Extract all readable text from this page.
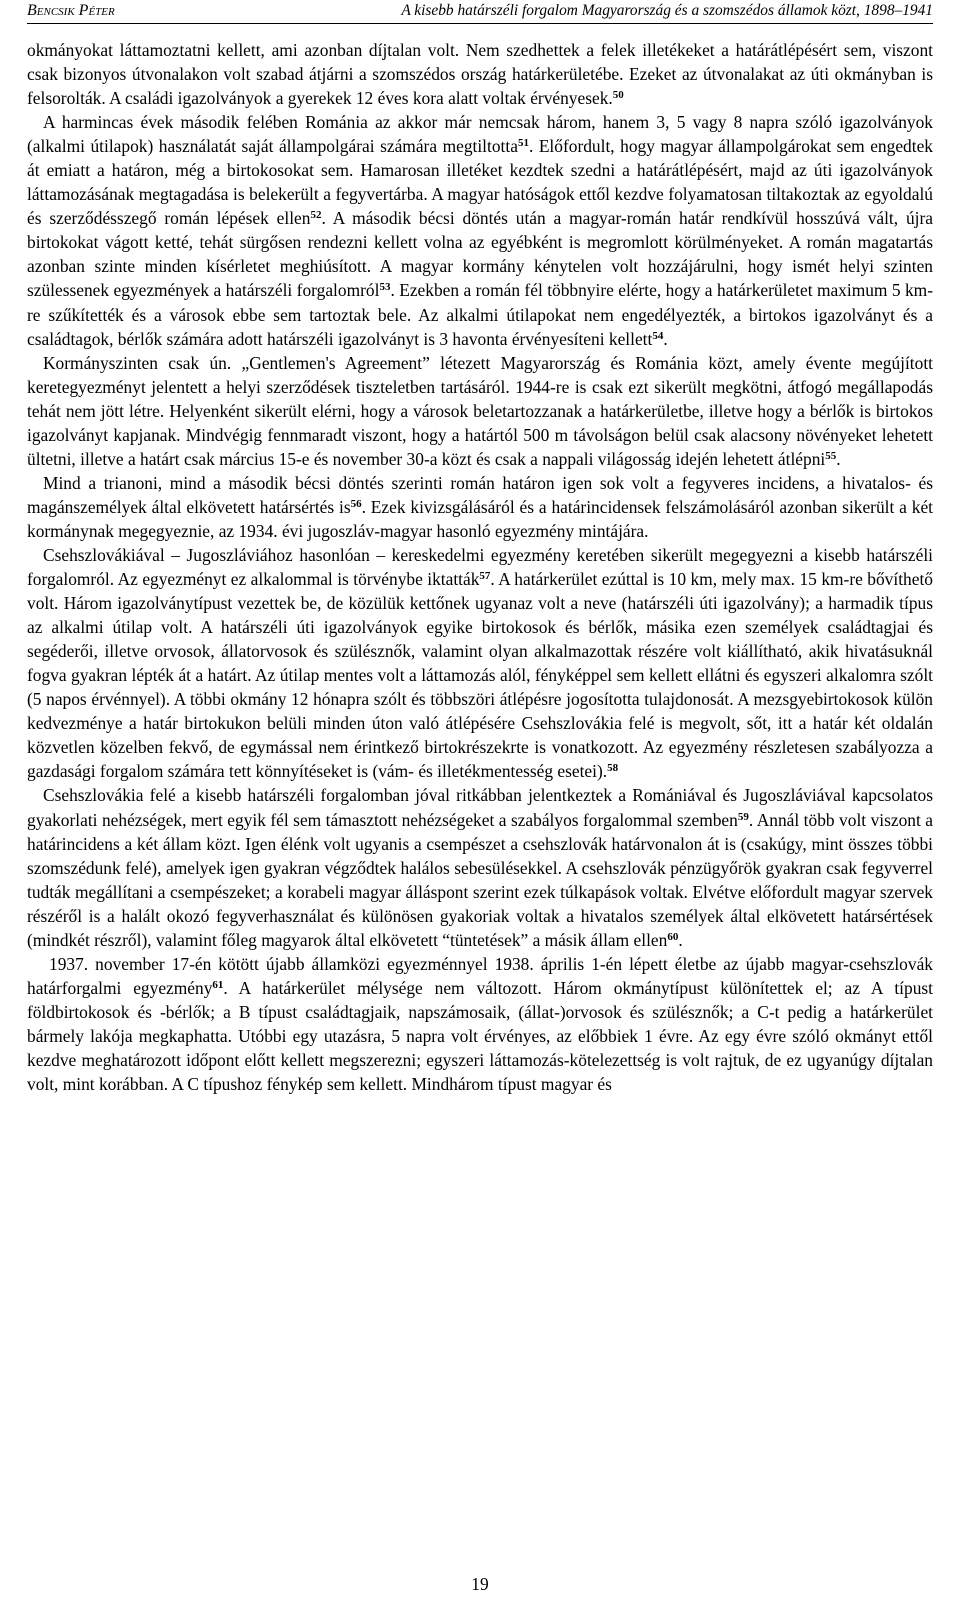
Bencsik Péter	A kisebb határszéli forgalom Magyarország és a szomszédos államok közt, 1898–1941

okmányokat láttamoztatni kellett, ami azonban díjtalan volt. Nem szedhettek a felek illetékeket a határátlépésért sem, viszont csak bizonyos útvonalakon volt szabad átjárni a szomszédos ország határkerületébe. Ezeket az útvonalakat az úti okmányban is felsorolták. A családi igazolványok a gyerekek 12 éves kora alatt voltak érvényesek.$^{50}$

A harmincas évek második felében Románia az akkor már nemcsak három, hanem 3, 5 vagy 8 napra szóló igazolványok (alkalmi útilapok) használatát saját állampolgárai számára megtiltotta$^{51}$. Előfordult, hogy magyar állampolgárokat sem engedtek át emiatt a határon, még a birtokosokat sem. Hamarosan illetéket kezdtek szedni a határátlépésért, majd az úti igazolványok láttamozásának megtagadása is belekerült a fegyvertárba. A magyar hatóságok ettől kezdve folyamatosan tiltakoztak az egyoldalú és szerződésszegő román lépések ellen$^{52}$. A második bécsi döntés után a magyar-román határ rendkívül hosszúvá vált, újra birtokokat vágott ketté, tehát sürgősen rendezni kellett volna az egyébként is megromlott körülményeket. A román magatartás azonban szinte minden kísérletet meghiúsított. A magyar kormány kénytelen volt hozzájárulni, hogy ismét helyi szinten szülessenek egyezmények a határszéli forgalomról$^{53}$. Ezekben a román fél többnyire elérte, hogy a határkerületet maximum 5 km-re szűkítették és a városok ebbe sem tartoztak bele. Az alkalmi útilapokat nem engedélyezték, a birtokos igazolványt és a családtagok, bérlők számára adott határszéli igazolványt is 3 havonta érvényesíteni kellett$^{54}$.

Kormányszinten csak ún. „Gentlemen's Agreement” létezett Magyarország és Románia közt, amely évente megújított keretegyezményt jelentett a helyi szerződések tiszteletben tartásáról. 1944-re is csak ezt sikerült megkötni, átfogó megállapodás tehát nem jött létre. Helyenként sikerült elérni, hogy a városok beletartozzanak a határkerületbe, illetve hogy a bérlők is birtokos igazolványt kapjanak. Mindvégig fennmaradt viszont, hogy a határtól 500 m távolságon belül csak alacsony növényeket lehetett ültetni, illetve a határt csak március 15-e és november 30-a közt és csak a nappali világosság idején lehetett átlépni$^{55}$.

Mind a trianoni, mind a második bécsi döntés szerinti román határon igen sok volt a fegyveres incidens, a hivatalos- és magánszemélyek által elkövetett határsértés $is^{56}$. Ezek kivizsgálásáról és a határincidensek felszámolásáról azonban sikerült a két kormánynak megegyeznie, az 1934. évi jugoszláv-magyar hasonló egyezmény mintájára.

Csehszlovákiával – Jugoszláviához hasonlóan – kereskedelmi egyezmény keretében sikerült megegyezni a kisebb határszéli forgalomról. Az egyezményt ez alkalommal is törvénybe iktatták$^{57}$. A határkerület ezúttal is 10 km, mely max. 15 km-re bővíthető volt. Három igazolványtípust vezettek be, de közülük kettőnek ugyanaz volt a neve (határszéli úti igazolvány); a harmadik típus az alkalmi útilap volt. A határszéli úti igazolványok egyike birtokosok és bérlők, másika ezen személyek családtagjai és segéderői, illetve orvosok, állatorvosok és szülésznők, valamint olyan alkalmazottak részére volt kiállítható, akik hivatásuknál fogva gyakran lépték át a határt. Az útilap mentes volt a láttamozás alól, fényképpel sem kellett ellátni és egyszeri alkalomra szólt (5 napos érvénnyel). A többi okmány 12 hónapra szólt és többszöri átlépésre jogosította tulajdonosát. A mezsgyebirtokosok külön kedvezménye a határ birtokukon belüli minden úton való átlépésére Csehszlovákia felé is megvolt, sőt, itt a határ két oldalán közvetlen közelben fekvő, de egymással nem érintkező birtokrészekrte is vonatkozott. Az egyezmény részletesen szabályozza a gazdasági forgalom számára tett könnyítéseket is (vám- és illetékmentesség esetei).$^{58}$

Csehszlovákia felé a kisebb határszéli forgalomban jóval ritkábban jelentkeztek a Romániával és Jugoszláviával kapcsolatos gyakorlati nehézségek, mert egyik fél sem támasztott nehézségeket a szabályos forgalommal szemben$^{59}$. Annál több volt viszont a határincidens a két állam közt. Igen élénk volt ugyanis a csempészet a csehszlovák határvonalon át is (csakúgy, mint összes többi szomszédunk felé), amelyek igen gyakran végződtek halálos sebesülésekkel. A csehszlovák pénzügyőrök gyakran csak fegyverrel tudták megállítani a csempészeket; a korabeli magyar álláspont szerint ezek túlkapások voltak. Elvétve előfordult magyar szervek részéről is a halált okozó fegyverhasználat és különösen gyakoriak voltak a hivatalos személyek által elkövetett határsértések (mindkét részről), valamint főleg magyarok által elkövetett “tüntetések” a másik állam ellen$^{60}$.

1937. november 17-én kötött újabb államközi egyezménnyel 1938. április 1-én lépett életbe az újabb magyar-csehszlovák határforgalmi egyezmény$^{61}$. A határkerület mélysége nem változott. Három okmánytípust különítettek el; az A típust földbirtokosok és -bérlők; a B típust családtagjaik, napszámosaik, (állat-)orvosok és szülésznők; a C-t pedig a határkerület bármely lakója megkaphatta. Utóbbi egy utazásra, 5 napra volt érvényes, az előbbiek 1 évre. Az egy évre szóló okmányt ettől kezdve meghatározott időpont előtt kellett megszerezni; egyszeri láttamozás-kötelezettség is volt rajtuk, de ez ugyanúgy díjtalan volt, mint korábban. A C típushoz fénykép sem kellett. Mindhárom típust magyar és

19
